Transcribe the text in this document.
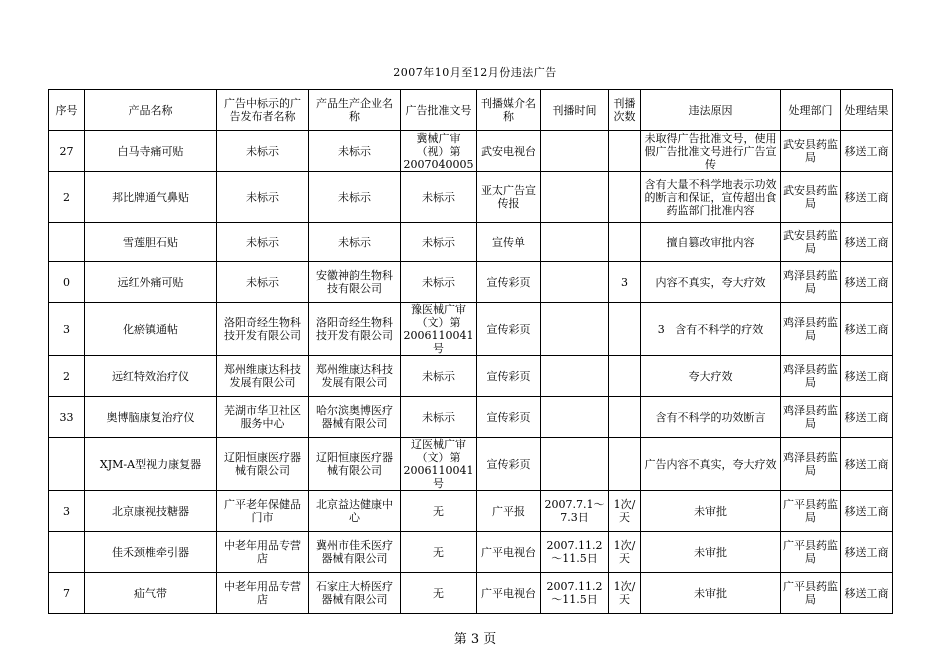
2007年10月至12月份违法广告
序号	产品名称	广告中标示的广告发布者名称	产品生产企业名称	广告批准文号	刊播媒介名称	刊播时间	刊播次数	违法原因	处理部门	处理结果
27	白马寺痛可贴	未标示	未标示	冀械广审（视）第2007040005	武安电视台			未取得广告批准文号，使用假广告批准文号进行广告宣传	武安县药监局	移送工商
2	邦比牌通气鼻贴	未标示	未标示	未标示	亚太广告宣传报			含有大量不科学地表示功效的断言和保证，宣传超出食药监部门批准内容	武安县药监局	移送工商
	雪莲胆石贴	未标示	未标示	未标示	宣传单			擅自篡改审批内容	武安县药监局	移送工商
0	远红外痛可贴	未标示	安徽神韵生物科技有限公司	未标示	宣传彩页		3	内容不真实，夸大疗效	鸡泽县药监局	移送工商
3	化瘀镇通帖	洛阳奇经生物科技开发有限公司	洛阳奇经生物科技开发有限公司	豫医械广审（文）第2006110041号	宣传彩页			3 含有不科学的疗效	鸡泽县药监局	移送工商
2	远红特效治疗仪	郑州维康达科技发展有限公司	郑州维康达科技发展有限公司	未标示	宣传彩页			夸大疗效	鸡泽县药监局	移送工商
33	奥博脑康复治疗仪	芜湖市华卫社区服务中心	哈尔滨奥博医疗器械有限公司	未标示	宣传彩页			含有不科学的功效断言	鸡泽县药监局	移送工商
	XJM-A型视力康复器	辽阳恒康医疗器械有限公司	辽阳恒康医疗器械有限公司	辽医械广审（文）第2006110041号	宣传彩页			广告内容不真实，夸大疗效	鸡泽县药监局	移送工商
3	北京康视技糖器	广平老年保健品门市	北京益达健康中心	无	广平报	2007.7.1～7.3日	1次/天	未审批	广平县药监局	移送工商
	佳禾颈椎牵引器	中老年用品专营店	冀州市佳禾医疗器械有限公司	无	广平电视台	2007.11.2～11.5日	1次/天	未审批	广平县药监局	移送工商
7	疝气带	中老年用品专营店	石家庄大桥医疗器械有限公司	无	广平电视台	2007.11.2～11.5日	1次/天	未审批	广平县药监局	移送工商
第 3 页
